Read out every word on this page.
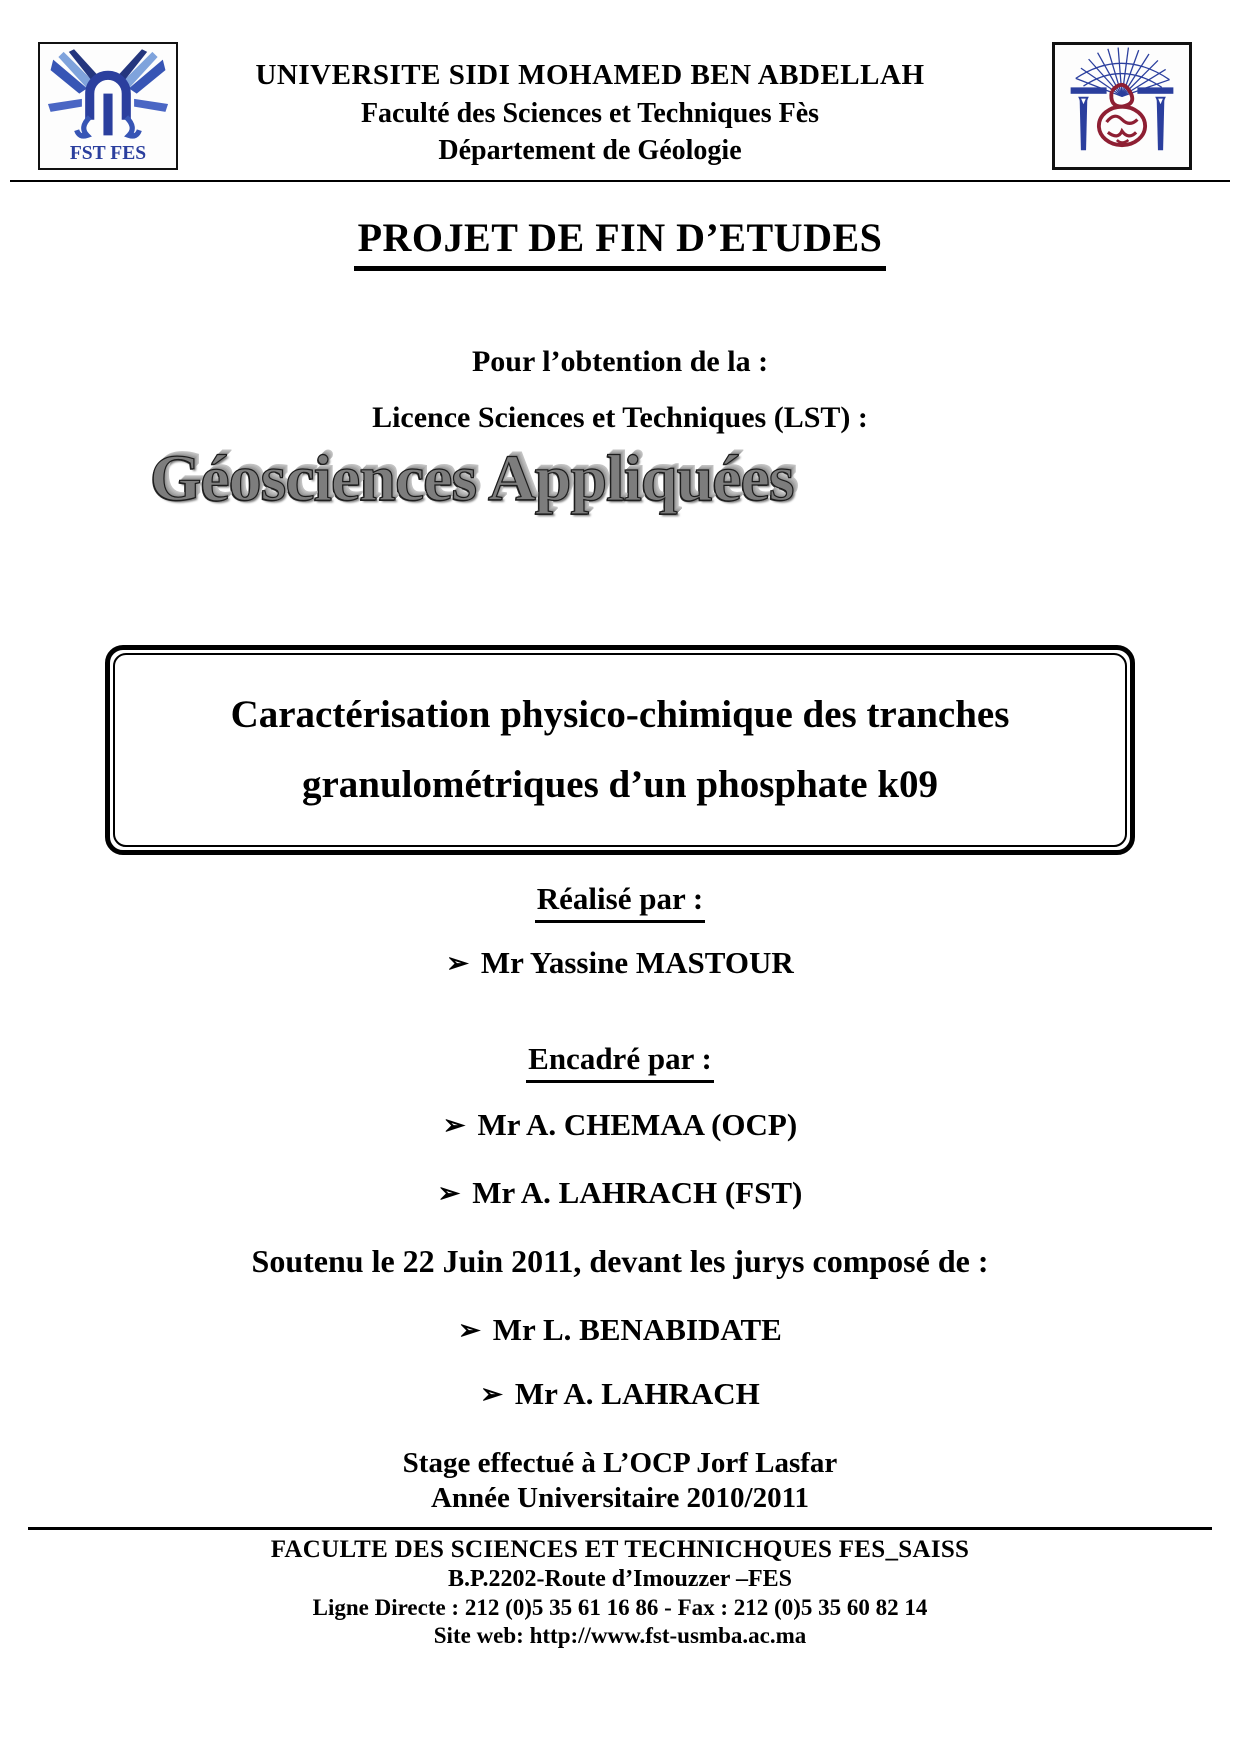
FST FES
UNIVERSITE SIDI MOHAMED BEN ABDELLAH
Faculté des Sciences et Techniques Fès
Département de Géologie
PROJET DE FIN D’ETUDES
Pour l’obtention de la :
Licence Sciences et Techniques (LST) :
Géosciences Appliquées
Caractérisation physico-chimique des tranches
granulométriques d’un phosphate k09
Réalisé par :
➢ Mr Yassine MASTOUR
Encadré par :
➢ Mr A. CHEMAA (OCP)
➢ Mr A. LAHRACH (FST)
Soutenu le 22 Juin 2011, devant les jurys composé de :
➢ Mr L. BENABIDATE
➢ Mr A. LAHRACH
Stage effectué à L’OCP Jorf Lasfar
Année Universitaire 2010/2011
FACULTE DES SCIENCES ET TECHNICHQUES FES_SAISS
B.P.2202-Route d’Imouzzer –FES
Ligne Directe : 212 (0)5 35 61 16 86 - Fax : 212 (0)5 35 60 82 14
Site web: http://www.fst-usmba.ac.ma
